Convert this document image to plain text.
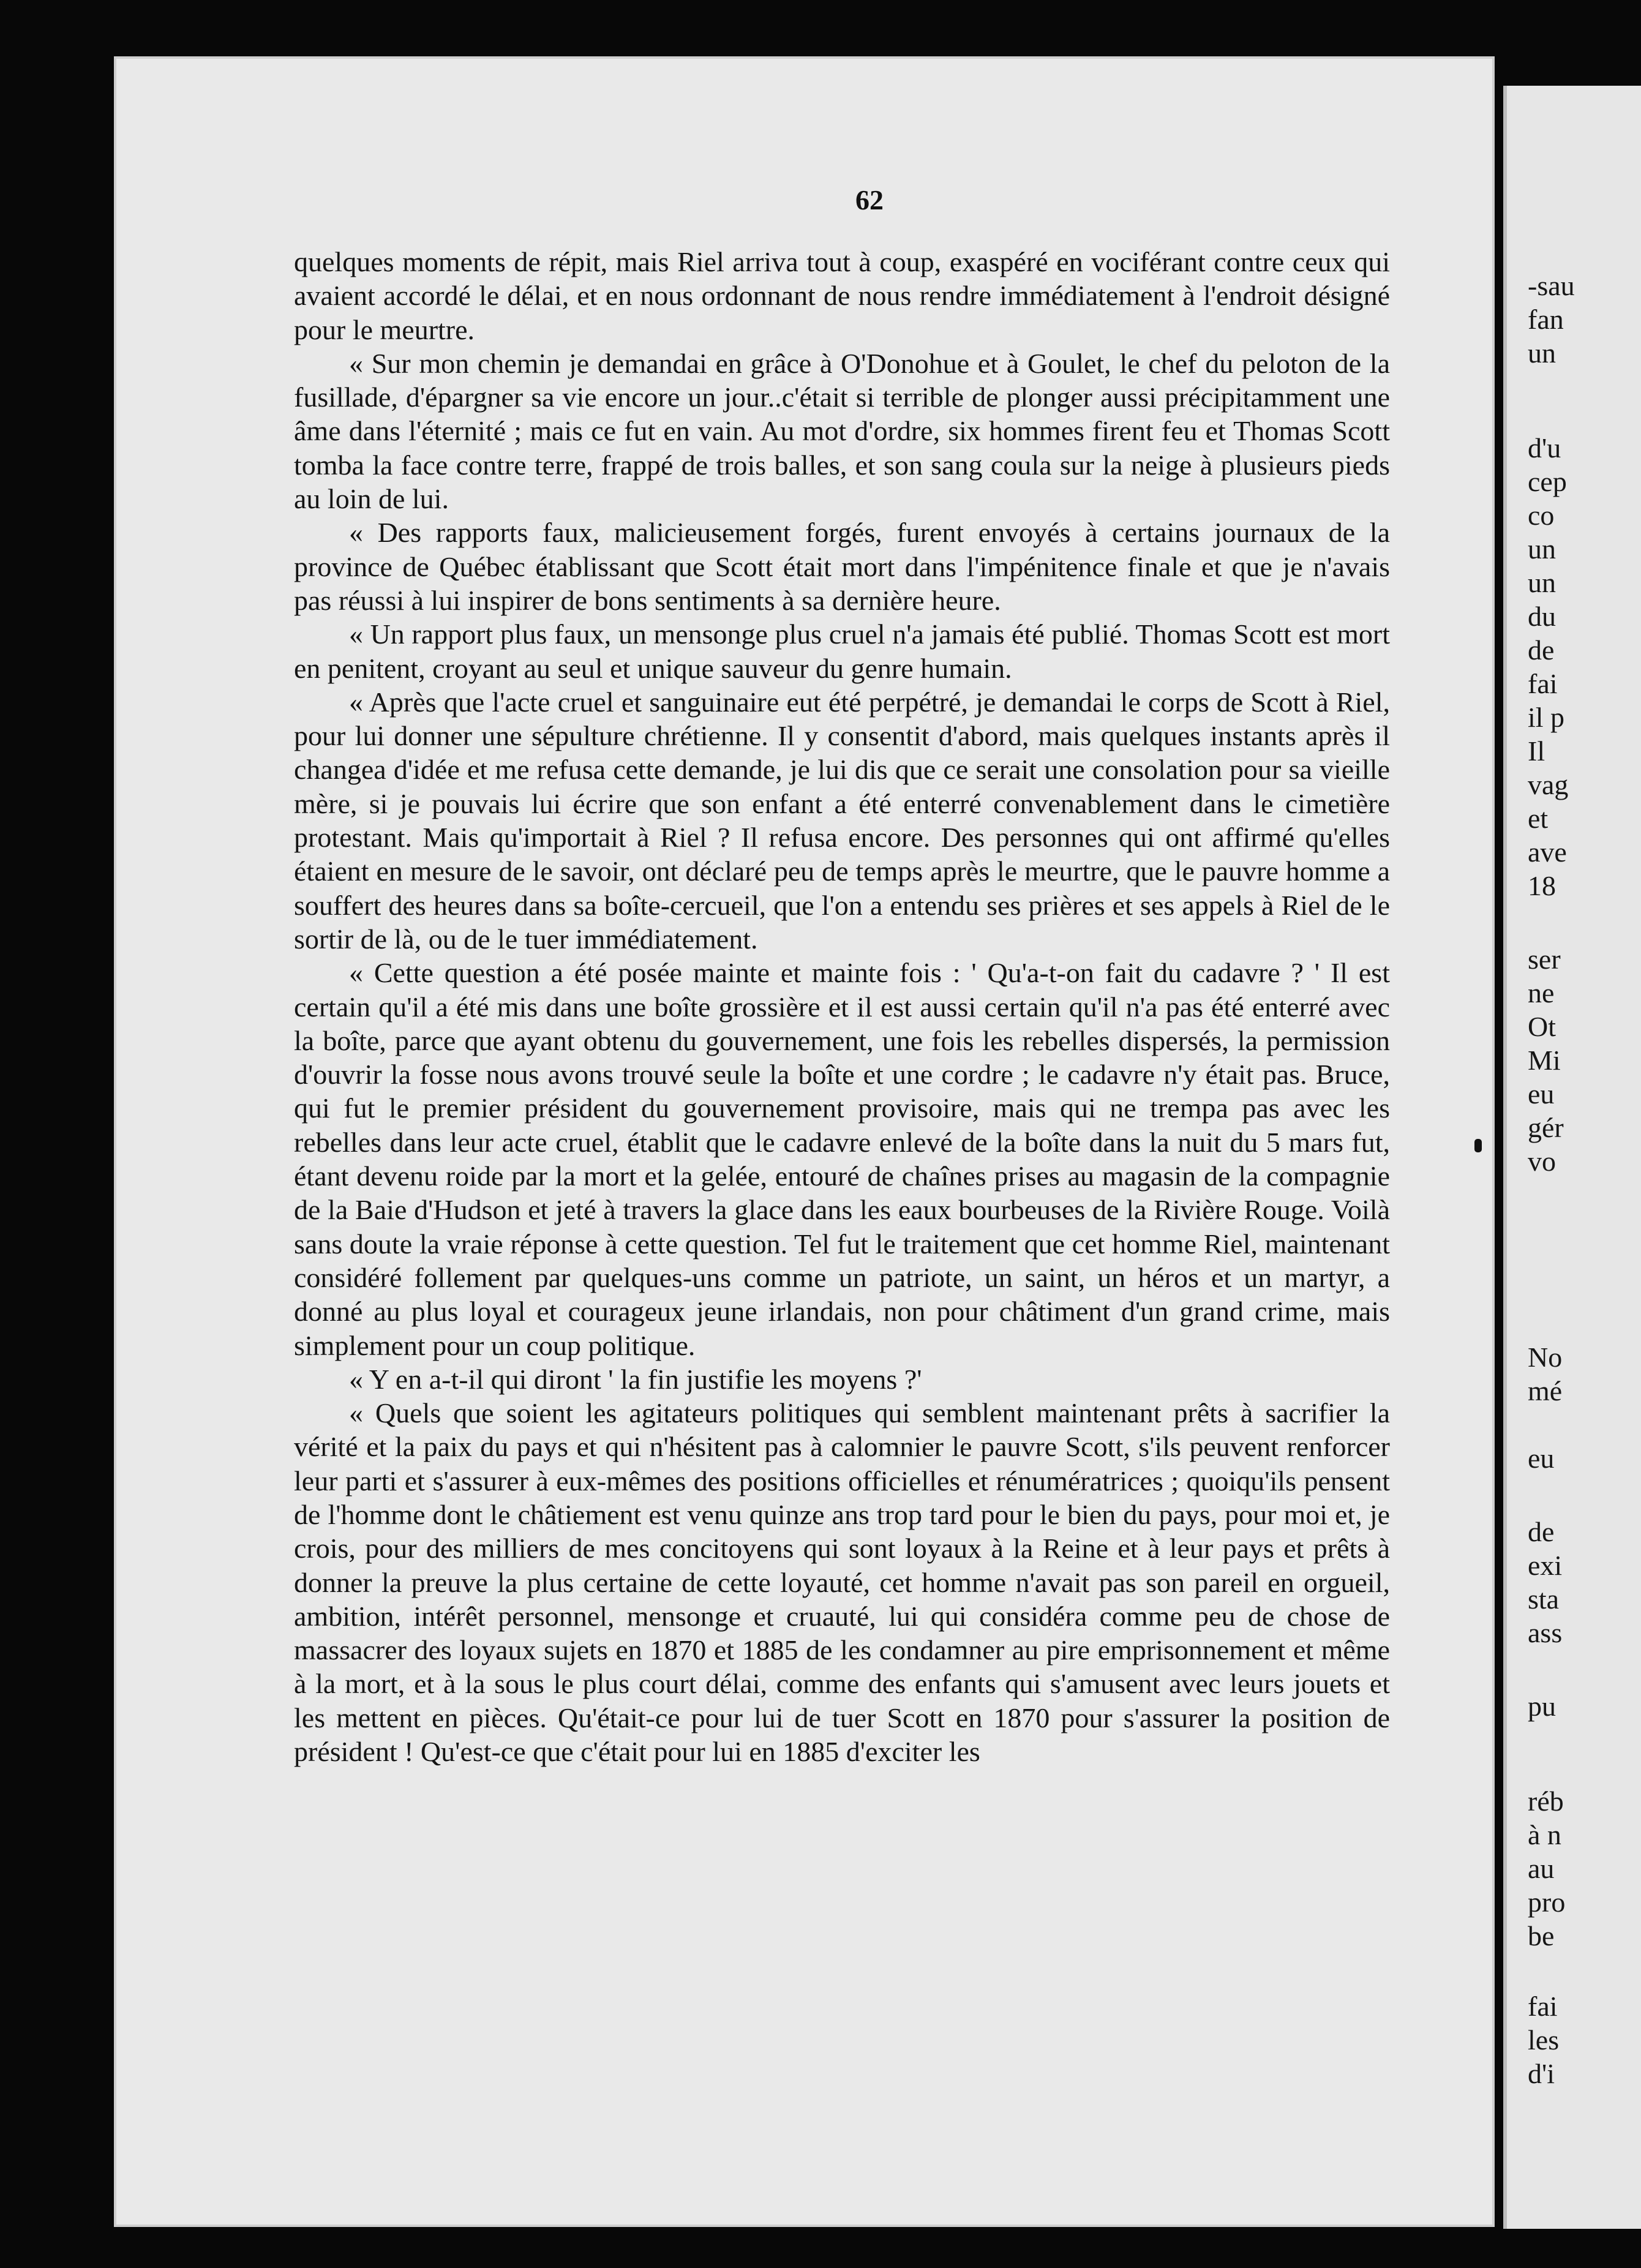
62

quelques moments de répit, mais Riel arriva tout à coup, exaspéré en vociférant contre ceux qui avaient accordé le délai, et en nous ordonnant de nous rendre immédiatement à l'endroit désigné pour le meurtre.

« Sur mon chemin je demandai en grâce à O'Donohue et à Goulet, le chef du peloton de la fusillade, d'épargner sa vie encore un jour..c'était si terrible de plonger aussi précipitamment une âme dans l'éternité ; mais ce fut en vain. Au mot d'ordre, six hommes firent feu et Thomas Scott tomba la face contre terre, frappé de trois balles, et son sang coula sur la neige à plusieurs pieds au loin de lui.

« Des rapports faux, malicieusement forgés, furent envoyés à certains journaux de la province de Québec établissant que Scott était mort dans l'impénitence finale et que je n'avais pas réussi à lui inspirer de bons sentiments à sa dernière heure.

« Un rapport plus faux, un mensonge plus cruel n'a jamais été publié. Thomas Scott est mort en penitent, croyant au seul et unique sauveur du genre humain.

« Après que l'acte cruel et sanguinaire eut été perpétré, je demandai le corps de Scott à Riel, pour lui donner une sépulture chrétienne. Il y consentit d'abord, mais quelques instants après il changea d'idée et me refusa cette demande, je lui dis que ce serait une consolation pour sa vieille mère, si je pouvais lui écrire que son enfant a été enterré convenablement dans le cimetière protestant. Mais qu'importait à Riel ? Il refusa encore. Des personnes qui ont affirmé qu'elles étaient en mesure de le savoir, ont déclaré peu de temps après le meurtre, que le pauvre homme a souffert des heures dans sa boîte-cercueil, que l'on a entendu ses prières et ses appels à Riel de le sortir de là, ou de le tuer immédiatement.

« Cette question a été posée mainte et mainte fois : ' Qu'a-t-on fait du cadavre ? ' Il est certain qu'il a été mis dans une boîte grossière et il est aussi certain qu'il n'a pas été enterré avec la boîte, parce que ayant obtenu du gouvernement, une fois les rebelles dispersés, la permission d'ouvrir la fosse nous avons trouvé seule la boîte et une cordre ; le cadavre n'y était pas. Bruce, qui fut le premier président du gouvernement provisoire, mais qui ne trempa pas avec les rebelles dans leur acte cruel, établit que le cadavre enlevé de la boîte dans la nuit du 5 mars fut, étant devenu roide par la mort et la gelée, entouré de chaînes prises au magasin de la compagnie de la Baie d'Hudson et jeté à travers la glace dans les eaux bourbeuses de la Rivière Rouge. Voilà sans doute la vraie réponse à cette question. Tel fut le traitement que cet homme Riel, maintenant considéré follement par quelques-uns comme un patriote, un saint, un héros et un martyr, a donné au plus loyal et courageux jeune irlandais, non pour châtiment d'un grand crime, mais simplement pour un coup politique.

« Y en a-t-il qui diront ' la fin justifie les moyens ?'

« Quels que soient les agitateurs politiques qui semblent maintenant prêts à sacrifier la vérité et la paix du pays et qui n'hésitent pas à calomnier le pauvre Scott, s'ils peuvent renforcer leur parti et s'assurer à eux-mêmes des positions officielles et rénumératrices ; quoiqu'ils pensent de l'homme dont le châtiement est venu quinze ans trop tard pour le bien du pays, pour moi et, je crois, pour des milliers de mes concitoyens qui sont loyaux à la Reine et à leur pays et prêts à donner la preuve la plus certaine de cette loyauté, cet homme n'avait pas son pareil en orgueil, ambition, intérêt personnel, mensonge et cruauté, lui qui considéra comme peu de chose de massacrer des loyaux sujets en 1870 et 1885 de les condamner au pire emprisonnement et même à la mort, et à la sous le plus court délai, comme des enfants qui s'amusent avec leurs jouets et les mettent en pièces. Qu'était-ce pour lui de tuer Scott en 1870 pour s'assurer la position de président ! Qu'est-ce que c'était pour lui en 1885 d'exciter les

-sau
fan
un
d'u
cep
co
un
un
du
de
fai
il p
Il
vag
et
ave
18
ser
ne
Ot
Mi
eu
gér
vo
No
mé
eu
de
exi
sta
ass
pu
réb
à n
au
pro
be
fai
les
d'i
